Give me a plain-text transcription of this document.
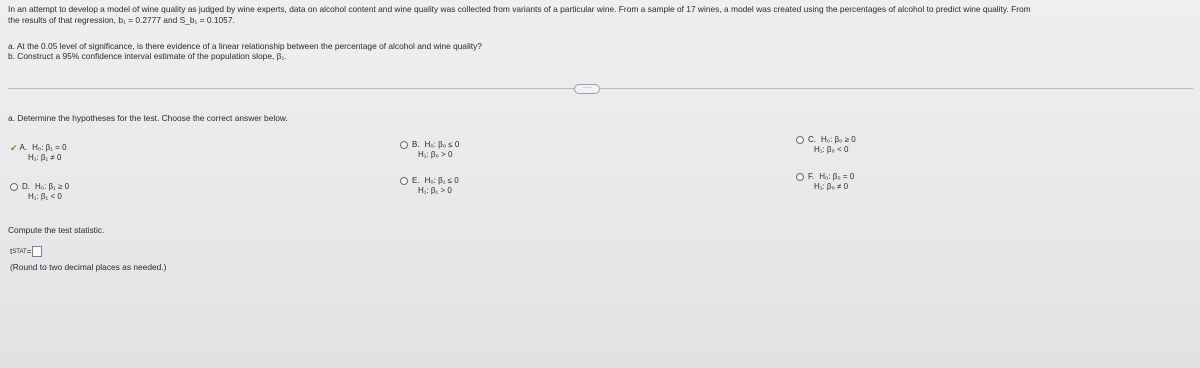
In an attempt to develop a model of wine quality as judged by wine experts, data on alcohol content and wine quality was collected from variants of a particular wine. From a sample of 17 wines, a model was created using the percentages of alcohol to predict wine quality. From
the results of that regression, b₁ = 0.2777 and S_b₁ = 0.1057.
a. At the 0.05 level of significance, is there evidence of a linear relationship between the percentage of alcohol and wine quality?
b. Construct a 95% confidence interval estimate of the population slope, β₁.
·····
a. Determine the hypotheses for the test. Choose the correct answer below.
✔ A. H₀: β₁ = 0
H₁: β₁ ≠ 0
D. H₀: β₁ ≥ 0
H₁: β₁ < 0
B. H₀: β₀ ≤ 0
H₁: β₀ > 0
E. H₀: β₁ ≤ 0
H₁: β₁ > 0
C. H₀: β₀ ≥ 0
H₁: β₀ < 0
F. H₀: β₀ = 0
H₁: β₀ ≠ 0
Compute the test statistic.
t STAT =
(Round to two decimal places as needed.)
